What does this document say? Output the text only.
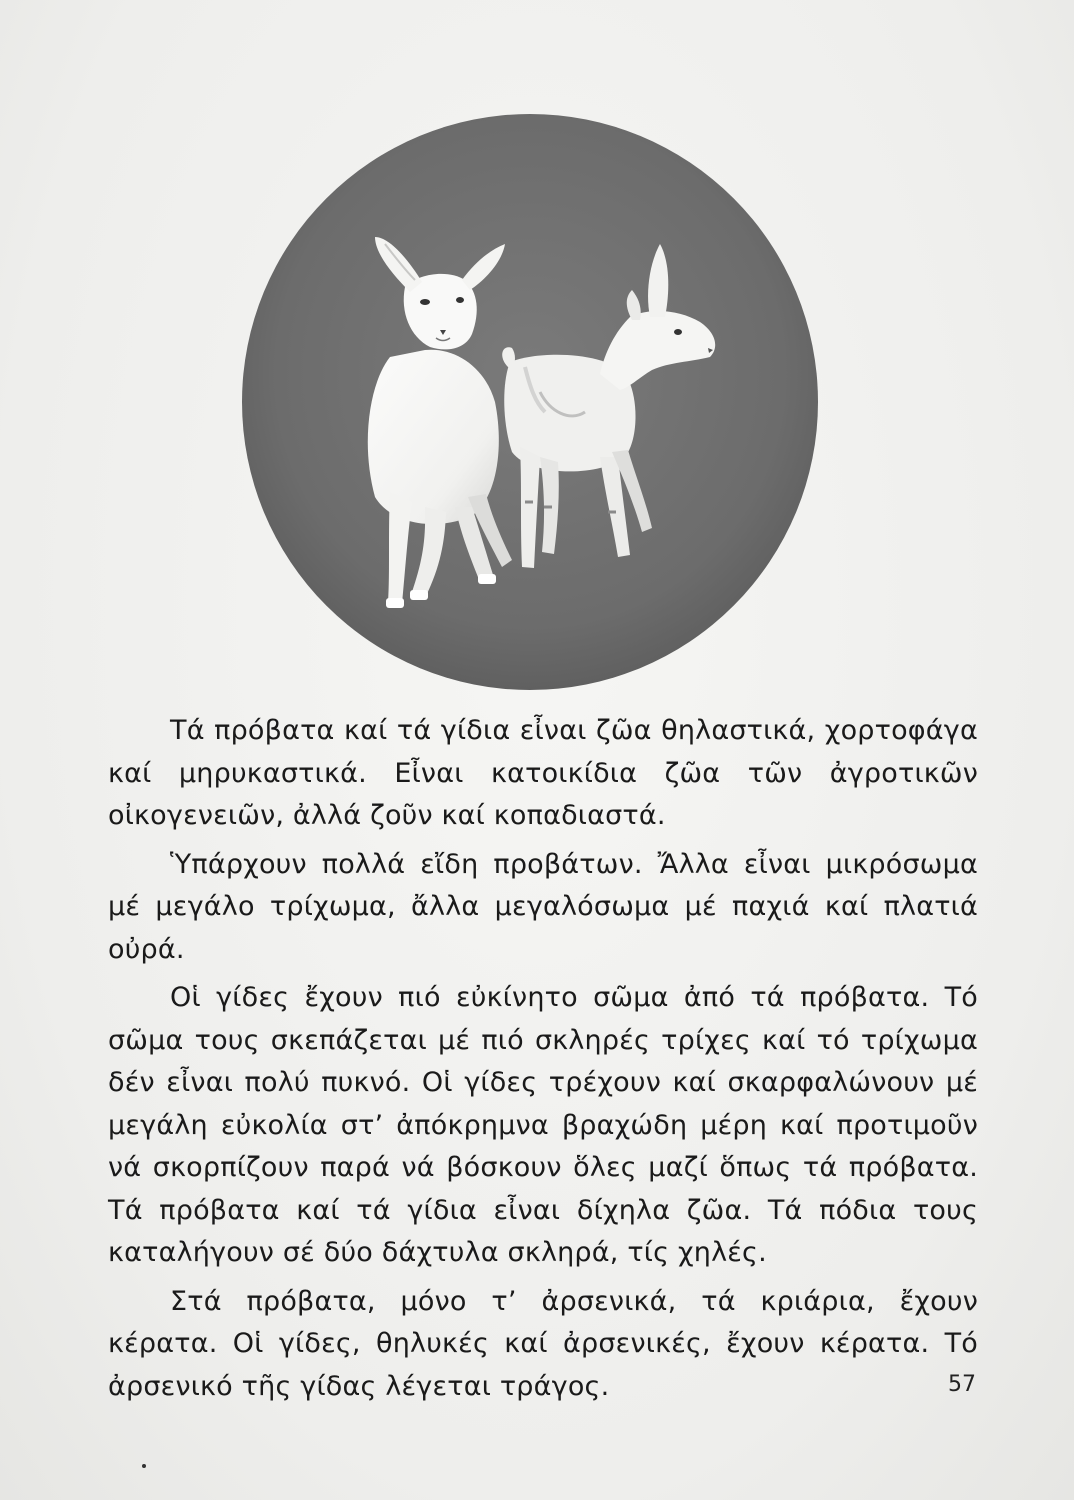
Τά πρόβατα καί τά γίδια εἶναι ζῶα θηλαστικά, χορτοφάγα καί μηρυκαστικά. Εἶναι κατοικίδια ζῶα τῶν ἀγροτικῶν οἰκογενειῶν, ἀλλά ζοῦν καί κοπαδιαστά.

Ὑπάρχουν πολλά εἴδη προβάτων. Ἄλλα εἶναι μικρόσωμα μέ μεγάλο τρίχωμα, ἄλλα μεγαλόσωμα μέ παχιά καί πλατιά οὐρά.

Οἱ γίδες ἔχουν πιό εὐκίνητο σῶμα ἀπό τά πρόβατα. Τό σῶμα τους σκεπάζεται μέ πιό σκληρές τρίχες καί τό τρίχωμα δέν εἶναι πολύ πυκνό. Οἱ γίδες τρέχουν καί σκαρφαλώνουν μέ μεγάλη εὐκολία στ’ ἀπόκρημνα βραχώδη μέρη καί προτιμοῦν νά σκορπίζουν παρά νά βόσκουν ὅλες μαζί ὅπως τά πρόβατα. Τά πρόβατα καί τά γίδια εἶναι δίχηλα ζῶα. Τά πόδια τους καταλήγουν σέ δύο δάχτυλα σκληρά, τίς χηλές.

Στά πρόβατα, μόνο τ’ ἀρσενικά, τά κριάρια, ἔχουν κέρατα. Οἱ γίδες, θηλυκές καί ἀρσενικές, ἔχουν κέρατα. Τό ἀρσενικό τῆς γίδας λέγεται τράγος.	57
